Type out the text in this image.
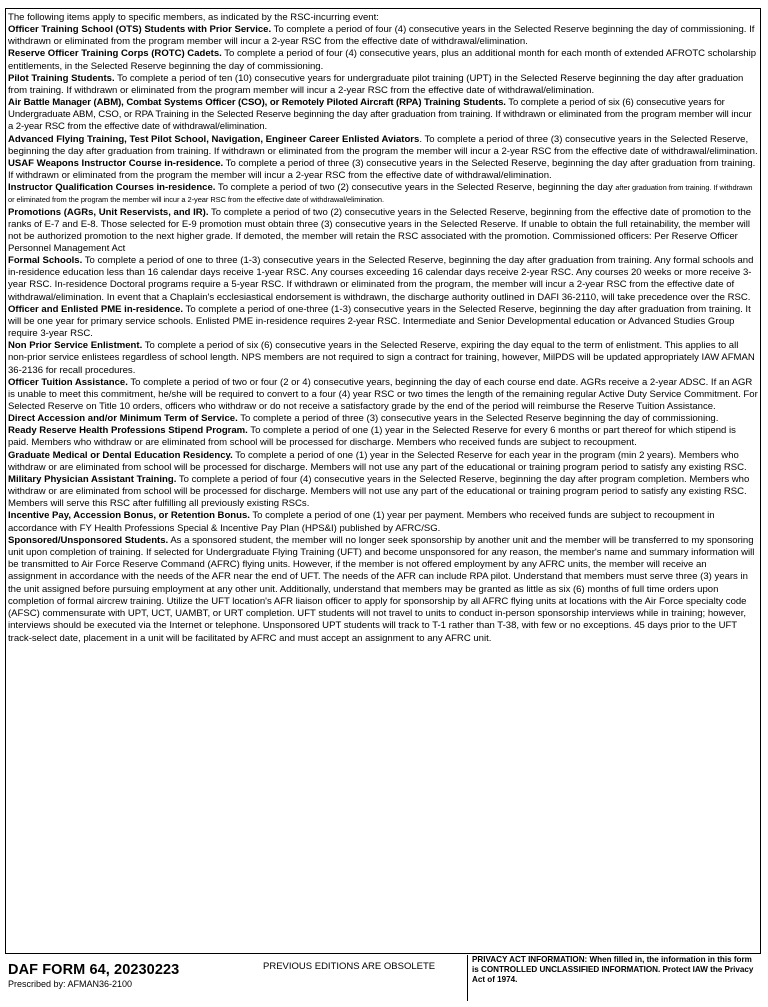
The following items apply to specific members, as indicated by the RSC-incurring event:

Officer Training School (OTS) Students with Prior Service. To complete a period of four (4) consecutive years in the Selected Reserve beginning the day of commissioning. If withdrawn or eliminated from the program member will incur a 2-year RSC from the effective date of withdrawal/elimination.

Reserve Officer Training Corps (ROTC) Cadets. To complete a period of four (4) consecutive years, plus an additional month for each month of extended AFROTC scholarship entitlements, in the Selected Reserve beginning the day of commissioning.

Pilot Training Students. To complete a period of ten (10) consecutive years for undergraduate pilot training (UPT) in the Selected Reserve beginning the day after graduation from training. If withdrawn or eliminated from the program member will incur a 2-year RSC from the effective date of withdrawal/elimination.

Air Battle Manager (ABM), Combat Systems Officer (CSO), or Remotely Piloted Aircraft (RPA) Training Students. To complete a period of six (6) consecutive years for Undergraduate ABM, CSO, or RPA Training in the Selected Reserve beginning the day after graduation from training. If withdrawn or eliminated from the program member will incur a 2-year RSC from the effective date of withdrawal/elimination.

Advanced Flying Training, Test Pilot School, Navigation, Engineer Career Enlisted Aviators. To complete a period of three (3) consecutive years in the Selected Reserve, beginning the day after graduation from training. If withdrawn or eliminated from the program the member will incur a 2-year RSC from the effective date of withdrawal/elimination.

USAF Weapons Instructor Course in-residence. To complete a period of three (3) consecutive years in the Selected Reserve, beginning the day after graduation from training. If withdrawn or eliminated from the program the member will incur a 2-year RSC from the effective date of withdrawal/elimination.

Instructor Qualification Courses in-residence. To complete a period of two (2) consecutive years in the Selected Reserve, beginning the day after graduation from training. If withdrawn or eliminated from the program the member will incur a 2-year RSC from the effective date of withdrawal/elimination.

Promotions (AGRs, Unit Reservists, and IR). To complete a period of two (2) consecutive years in the Selected Reserve, beginning from the effective date of promotion to the ranks of E-7 and E-8. Those selected for E-9 promotion must obtain three (3) consecutive years in the Selected Reserve. If unable to obtain the full retainability, the member will not be authorized promotion to the next higher grade. If demoted, the member will retain the RSC associated with the promotion. Commissioned officers: Per Reserve Officer Personnel Management Act

Formal Schools. To complete a period of one to three (1-3) consecutive years in the Selected Reserve, beginning the day after graduation from training. Any formal schools and in-residence education less than 16 calendar days receive 1-year RSC. Any courses exceeding 16 calendar days receive 2-year RSC. Any courses 20 weeks or more receive 3-year RSC. In-residence Doctoral programs require a 5-year RSC. If withdrawn or eliminated from the program, the member will incur a 2-year RSC from the effective date of withdrawal/elimination. In event that a Chaplain's ecclesiastical endorsement is withdrawn, the discharge authority outlined in DAFI 36-2110, will take precedence over the RSC.

Officer and Enlisted PME in-residence. To complete a period of one-three (1-3) consecutive years in the Selected Reserve, beginning the day after graduation from training. It will be one year for primary service schools. Enlisted PME in-residence requires 2-year RSC. Intermediate and Senior Developmental education or Advanced Studies Group require 3-year RSC.

Non Prior Service Enlistment. To complete a period of six (6) consecutive years in the Selected Reserve, expiring the day equal to the term of enlistment. This applies to all non-prior service enlistees regardless of school length. NPS members are not required to sign a contract for training, however, MilPDS will be updated appropriately IAW AFMAN 36-2136 for recall procedures.

Officer Tuition Assistance. To complete a period of two or four (2 or 4) consecutive years, beginning the day of each course end date. AGRs receive a 2-year ADSC. If an AGR is unable to meet this commitment, he/she will be required to convert to a four (4) year RSC or two times the length of the remaining regular Active Duty Service Commitment. For Selected Reserve on Title 10 orders, officers who withdraw or do not receive a satisfactory grade by the end of the period will reimburse the Reserve Tuition Assistance.

Direct Accession and/or Minimum Term of Service. To complete a period of three (3) consecutive years in the Selected Reserve beginning the day of commissioning.

Ready Reserve Health Professions Stipend Program. To complete a period of one (1) year in the Selected Reserve for every 6 months or part thereof for which stipend is paid. Members who withdraw or are eliminated from school will be processed for discharge. Members who received funds are subject to recoupment.

Graduate Medical or Dental Education Residency. To complete a period of one (1) year in the Selected Reserve for each year in the program (min 2 years). Members who withdraw or are eliminated from school will be processed for discharge. Members will not use any part of the educational or training program period to satisfy any existing RSC.

Military Physician Assistant Training. To complete a period of four (4) consecutive years in the Selected Reserve, beginning the day after program completion. Members who withdraw or are eliminated from school will be processed for discharge. Members will not use any part of the educational or training program period to satisfy any existing RSC. Members will serve this RSC after fulfilling all previously existing RSCs.

Incentive Pay, Accession Bonus, or Retention Bonus. To complete a period of one (1) year per payment. Members who received funds are subject to recoupment in accordance with FY Health Professions Special & Incentive Pay Plan (HPS&I) published by AFRC/SG.

Sponsored/Unsponsored Students. As a sponsored student, the member will no longer seek sponsorship by another unit and the member will be transferred to my sponsoring unit upon completion of training. If selected for Undergraduate Flying Training (UFT) and become unsponsored for any reason, the member's name and summary information will be transmitted to Air Force Reserve Command (AFRC) flying units. However, if the member is not offered employment by any AFRC units, the member will receive an assignment in accordance with the needs of the AFR near the end of UFT. The needs of the AFR can include RPA pilot. Understand that members must serve three (3) years in the unit assigned before pursuing employment at any other unit. Additionally, understand that members may be granted as little as six (6) months of full time orders upon completion of formal aircrew training. Utilize the UFT location's AFR liaison officer to apply for sponsorship by all AFRC flying units at locations with the Air Force specialty code (AFSC) commensurate with UPT, UCT, UAMBT, or URT completion. UFT students will not travel to units to conduct in-person sponsorship interviews while in training; however, interviews should be executed via the Internet or telephone. Unsponsored UPT students will track to T-1 rather than T-38, with few or no exceptions. 45 days prior to the UFT track-select date, placement in a unit will be facilitated by AFRC and must accept an assignment to any AFRC unit.

DAF FORM 64, 20230223
Prescribed by: AFMAN36-2100
PREVIOUS EDITIONS ARE OBSOLETE
PRIVACY ACT INFORMATION: When filled in, the information in this form is CONTROLLED UNCLASSIFIED INFORMATION. Protect IAW the Privacy Act of 1974.
